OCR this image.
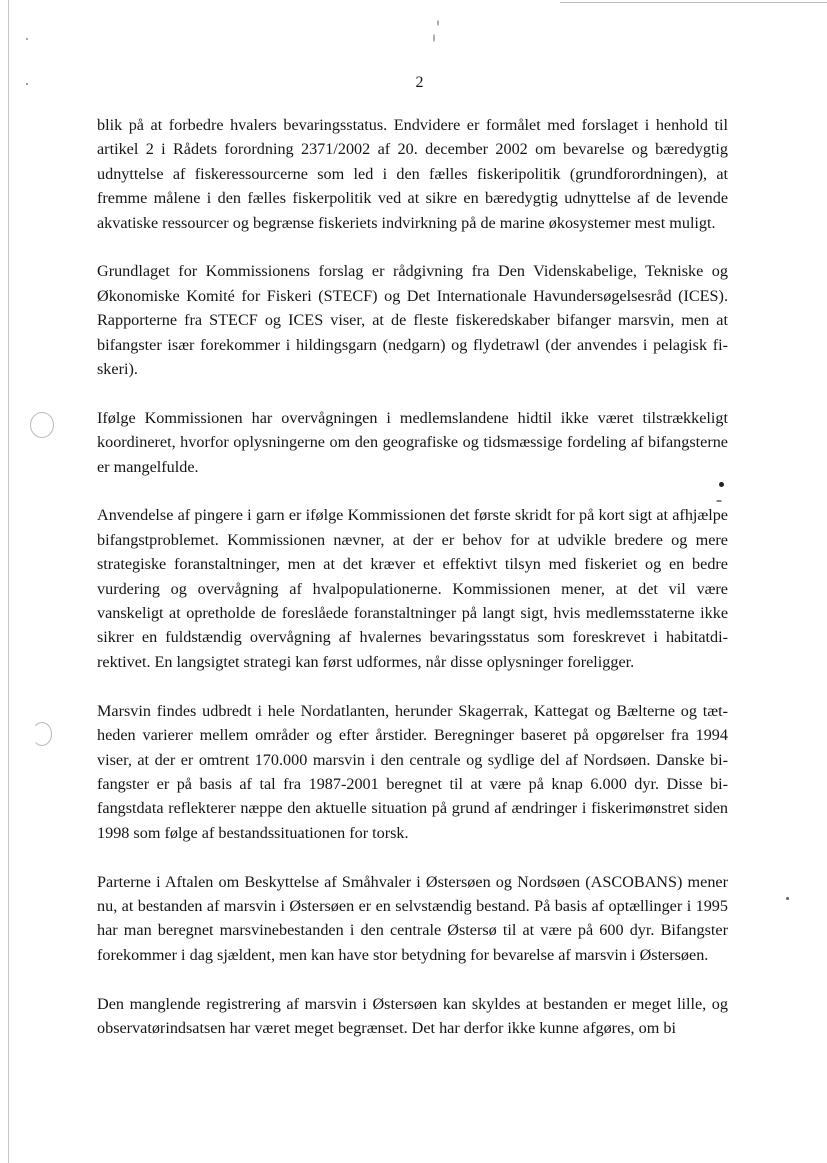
2

blik på at forbedre hvalers bevaringsstatus. Endvidere er formålet med forslaget i henhold til artikel 2 i Rådets forordning 2371/2002 af 20. december 2002 om bevarelse og bæredygtig udnyttelse af fiskeressourcerne som led i den fælles fiskeripolitik (grundforordningen), at fremme målene i den fælles fiskerpolitik ved at sikre en bæredygtig udnyttelse af de levende akvatiske ressourcer og begrænse fiskeriets indvirkning på de marine økosystemer mest muligt.

Grundlaget for Kommissionens forslag er rådgivning fra Den Videnskabelige, Tekniske og Økonomiske Komité for Fiskeri (STECF) og Det Internationale Havundersøgelsesråd (ICES). Rapporterne fra STECF og ICES viser, at de fleste fiskeredskaber bifanger marsvin, men at bifangster især forekommer i hildingsgarn (nedgarn) og flydetrawl (der anvendes i pelagisk fiskeri).

Ifølge Kommissionen har overvågningen i medlemslandene hidtil ikke været tilstrækkeligt koordineret, hvorfor oplysningerne om den geografiske og tidsmæssige fordeling af bifangsterne er mangelfulde.

Anvendelse af pingere i garn er ifølge Kommissionen det første skridt for på kort sigt at afhjælpe bifangstproblemet. Kommissionen nævner, at der er behov for at udvikle bredere og mere strategiske foranstaltninger, men at det kræver et effektivt tilsyn med fiskeriet og en bedre vurdering og overvågning af hvalpopulationerne. Kommissionen mener, at det vil være vanskeligt at opretholde de foreslåede foranstaltninger på langt sigt, hvis medlemsstaterne ikke sikrer en fuldstændig overvågning af hvalernes bevaringsstatus som foreskrevet i habitatdirektivet. En langsigtet strategi kan først udformes, når disse oplysninger foreligger.

Marsvin findes udbredt i hele Nordatlanten, herunder Skagerrak, Kattegat og Bælterne og tætheden varierer mellem områder og efter årstider. Beregninger baseret på opgørelser fra 1994 viser, at der er omtrent 170.000 marsvin i den centrale og sydlige del af Nordsøen. Danske bifangster er på basis af tal fra 1987-2001 beregnet til at være på knap 6.000 dyr. Disse bifangstdata reflekterer næppe den aktuelle situation på grund af ændringer i fiskerimønstret siden 1998 som følge af bestandssituationen for torsk.

Parterne i Aftalen om Beskyttelse af Småhvaler i Østersøen og Nordsøen (ASCOBANS) mener nu, at bestanden af marsvin i Østersøen er en selvstændig bestand. På basis af optællinger i 1995 har man beregnet marsvinebestanden i den centrale Østersø til at være på 600 dyr. Bifangster forekommer i dag sjældent, men kan have stor betydning for bevarelse af marsvin i Østersøen.

Den manglende registrering af marsvin i Østersøen kan skyldes at bestanden er meget lille, og observatørindsatsen har været meget begrænset. Det har derfor ikke kunne afgøres, om bi
